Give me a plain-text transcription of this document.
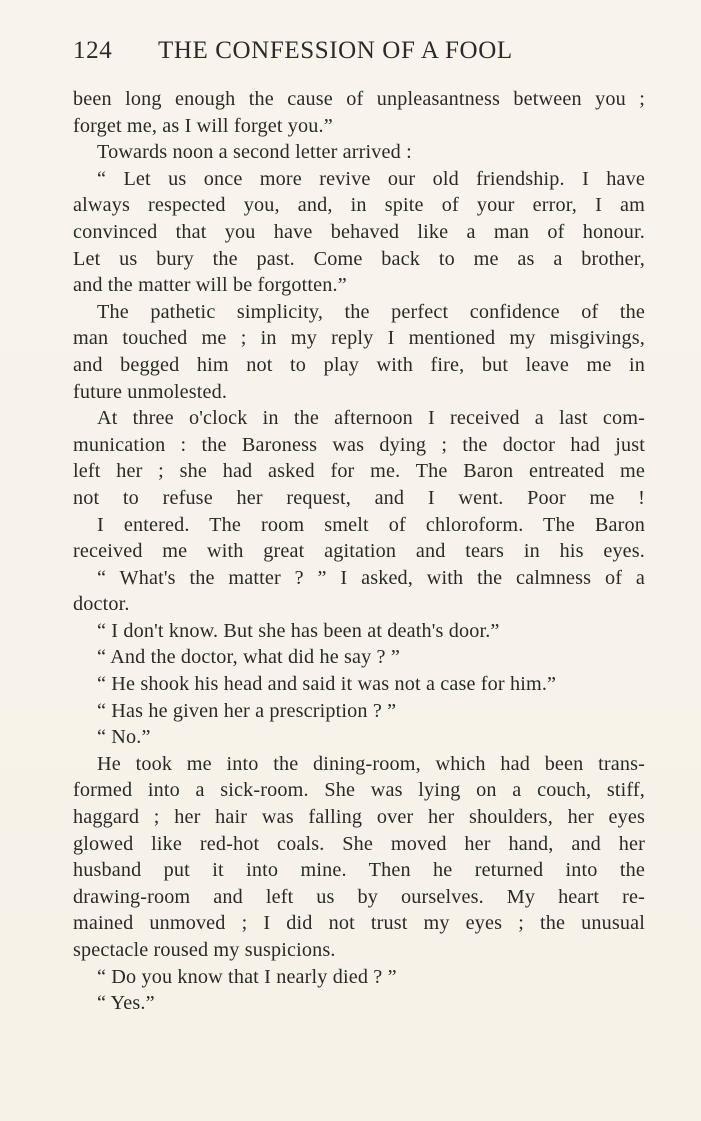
124 THE CONFESSION OF A FOOL
been long enough the cause of unpleasantness between you ;
forget me, as I will forget you.”
Towards noon a second letter arrived :
“ Let us once more revive our old friendship. I have
always respected you, and, in spite of your error, I am
convinced that you have behaved like a man of honour.
Let us bury the past. Come back to me as a brother,
and the matter will be forgotten.”
The pathetic simplicity, the perfect confidence of the
man touched me ; in my reply I mentioned my misgivings,
and begged him not to play with fire, but leave me in
future unmolested.
At three o'clock in the afternoon I received a last com-
munication : the Baroness was dying ; the doctor had just
left her ; she had asked for me. The Baron entreated me
not to refuse her request, and I went. Poor me !
I entered. The room smelt of chloroform. The Baron
received me with great agitation and tears in his eyes.
“ What's the matter ? ” I asked, with the calmness of a
doctor.
“ I don't know. But she has been at death's door.”
“ And the doctor, what did he say ? ”
“ He shook his head and said it was not a case for him.”
“ Has he given her a prescription ? ”
“ No.”
He took me into the dining-room, which had been trans-
formed into a sick-room. She was lying on a couch, stiff,
haggard ; her hair was falling over her shoulders, her eyes
glowed like red-hot coals. She moved her hand, and her
husband put it into mine. Then he returned into the
drawing-room and left us by ourselves. My heart re-
mained unmoved ; I did not trust my eyes ; the unusual
spectacle roused my suspicions.
“ Do you know that I nearly died ? ”
“ Yes.”
